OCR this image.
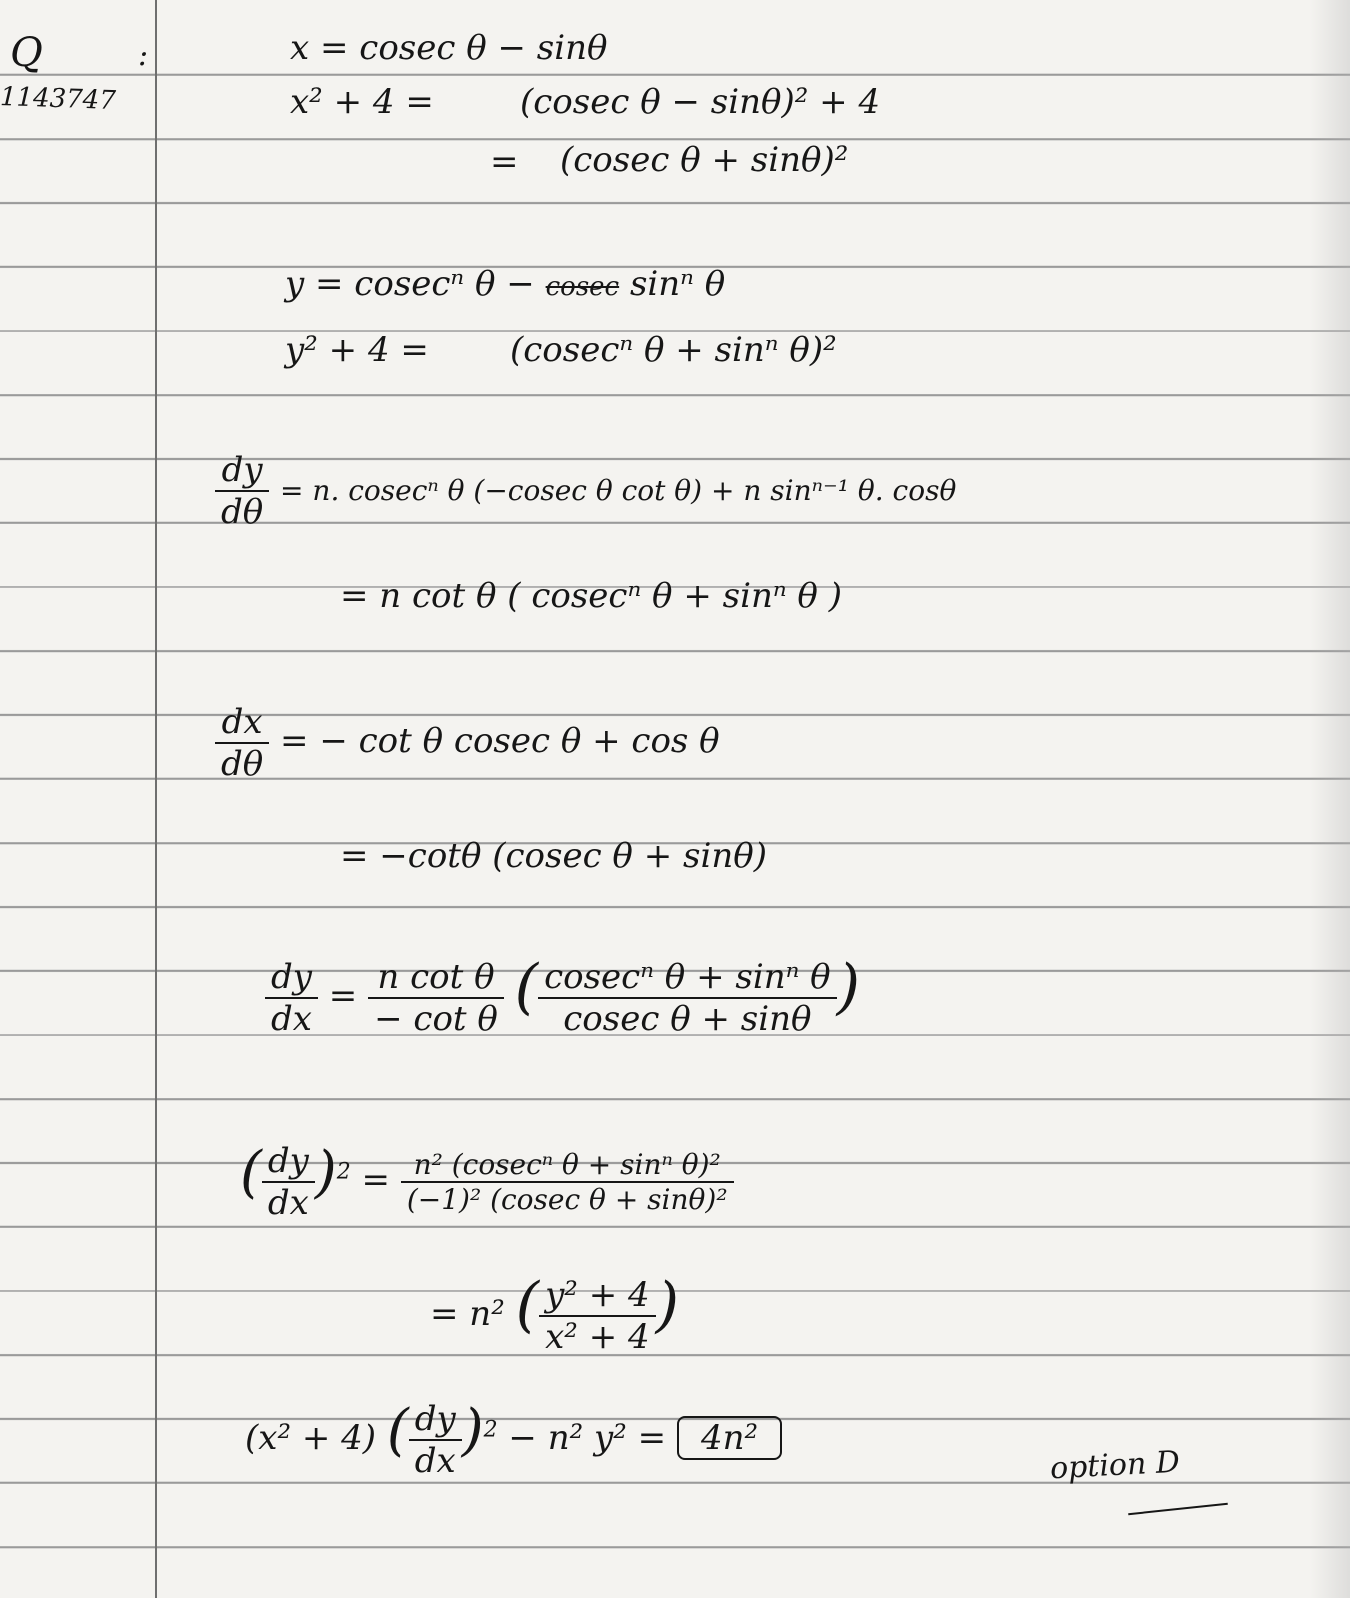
Q	:
1143747
x = cosec θ − sinθ
x² + 4 =	(cosec θ − sinθ)² + 4
= (cosec θ + sinθ)²
y = cosecⁿ θ − cosec sinⁿ θ
y² + 4 = (cosecⁿ θ + sinⁿ θ)²
$\frac{dy}{d\theta} = n$. cosecⁿ θ (−cosec θ cot θ) + n sinⁿ⁻¹ θ. cosθ
= n cot θ ( cosecⁿ θ + sinⁿ θ )
$\frac{dx}{d\theta}$ = − cot θ cosec θ + cos θ
= −cotθ (cosec θ + sinθ)
$\frac{dy}{dx} = \frac{\text{n cot θ}}{\text{− cot θ}}$ ( $\frac{\text{cosecⁿ θ + sinⁿ θ}}{\text{cosec θ + sinθ}}$ )
( $\frac{dy}{dx} )^2 = \frac{\text{n² (cosecⁿ θ + sinⁿ θ)²}}{\text{(−1)² (cosec θ + sinθ)²}}$
= n² ( $\frac{\text{y² + 4}}{\text{x² + 4}}$ )
(x² + 4) ( $\frac{dy}{dx} )^2 - n^2$ y² = 4n²
option D
